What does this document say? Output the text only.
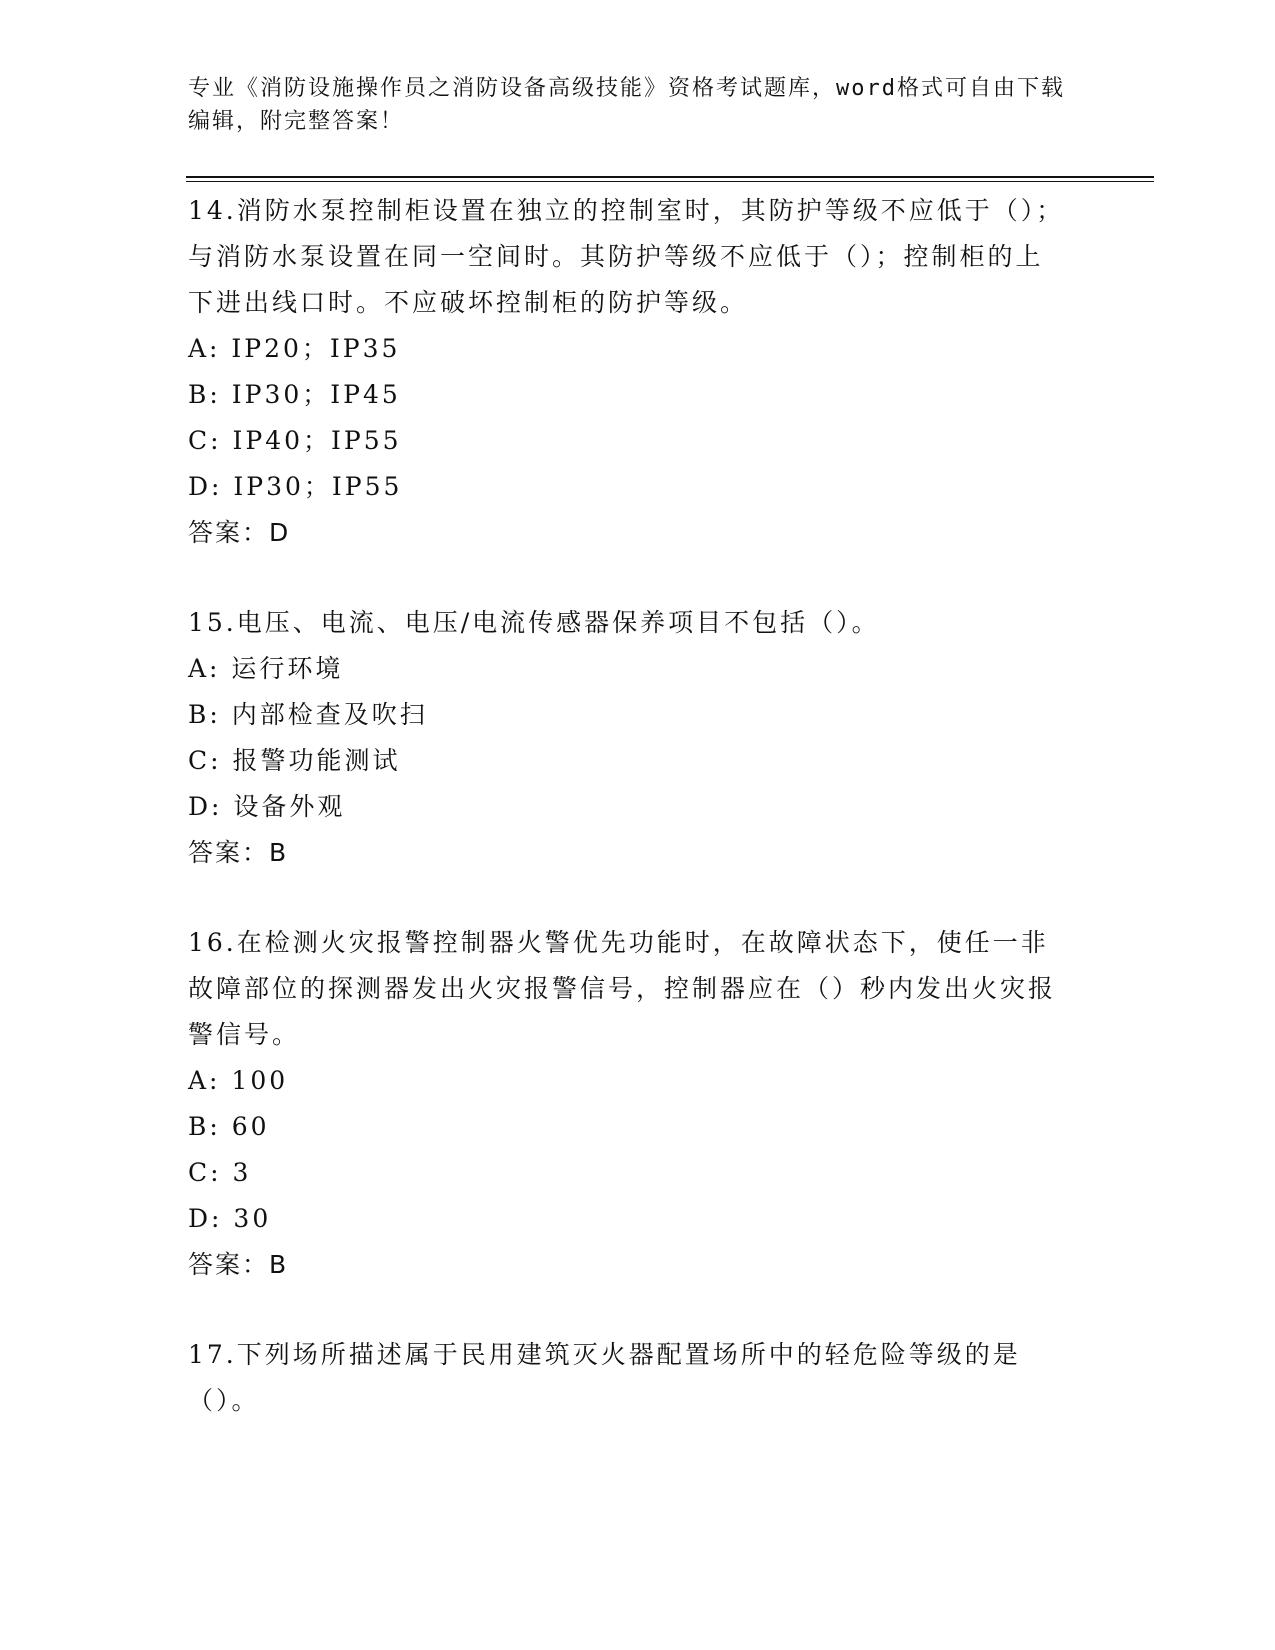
专业《消防设施操作员之消防设备高级技能》资格考试题库，word格式可自由下载编辑，附完整答案！

14.消防水泵控制柜设置在独立的控制室时，其防护等级不应低于（）；与消防水泵设置在同一空间时。其防护等级不应低于（）；控制柜的上下进出线口时。不应破坏控制柜的防护等级。

A: IP20；IP35

B: IP30；IP45

C: IP40；IP55

D: IP30；IP55

答案：D

15.电压、电流、电压/电流传感器保养项目不包括（）。

A: 运行环境

B: 内部检查及吹扫

C: 报警功能测试

D: 设备外观

答案：B

16.在检测火灾报警控制器火警优先功能时，在故障状态下，使任一非故障部位的探测器发出火灾报警信号，控制器应在（）秒内发出火灾报警信号。

A: 100

B: 60

C: 3

D: 30

答案：B

17.下列场所描述属于民用建筑灭火器配置场所中的轻危险等级的是（）。
